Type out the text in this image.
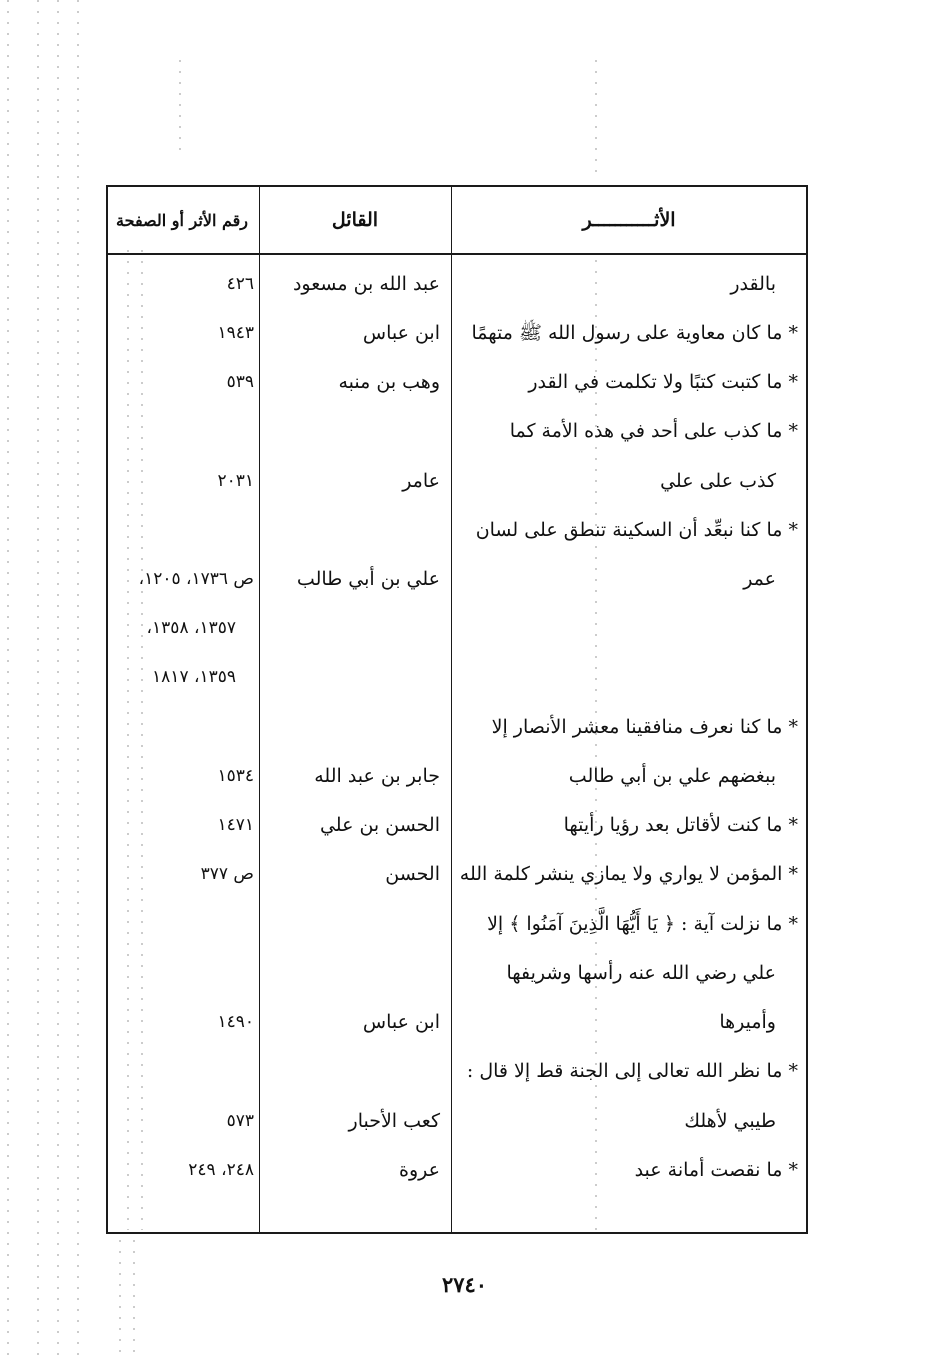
الأثـــــــــــر
القائل
رقم الأثر أو الصفحة
بالقدر
عبد الله بن مسعود
٤٢٦
* ما كان معاوية على رسول الله ﷺ متهمًا
ابن عباس
١٩٤٣
* ما كتبت كتبًا ولا تكلمت في القدر
وهب بن منبه
٥٣٩
* ما كذب على أحد في هذه الأمة كما
كذب على علي
عامر
٢٠٣١
* ما كنا نبعِّد أن السكينة تنطق على لسان
عمر
علي بن أبي طالب
ص ١٧٣٦، ١٢٠٥،
١٣٥٧، ١٣٥٨،
١٣٥٩، ١٨١٧
* ما كنا نعرف منافقينا معشر الأنصار إلا
ببغضهم علي بن أبي طالب
جابر بن عبد الله
١٥٣٤
* ما كنت لأقاتل بعد رؤيا رأيتها
الحسن بن علي
١٤٧١
* المؤمن لا يواري ولا يمازي ينشر كلمة الله
الحسن
ص ٣٧٧
* ما نزلت آية : ﴿ يَا أَيُّهَا الَّذِينَ آمَنُوا ﴾ إلا
علي رضي الله عنه رأسها وشريفها
وأميرها
ابن عباس
١٤٩٠
* ما نظر الله تعالى إلى الجنة قط إلا قال :
طيبي لأهلك
كعب الأحبار
٥٧٣
* ما نقصت أمانة عبد
عروة
٢٤٨، ٢٤٩
٢٧٤٠
